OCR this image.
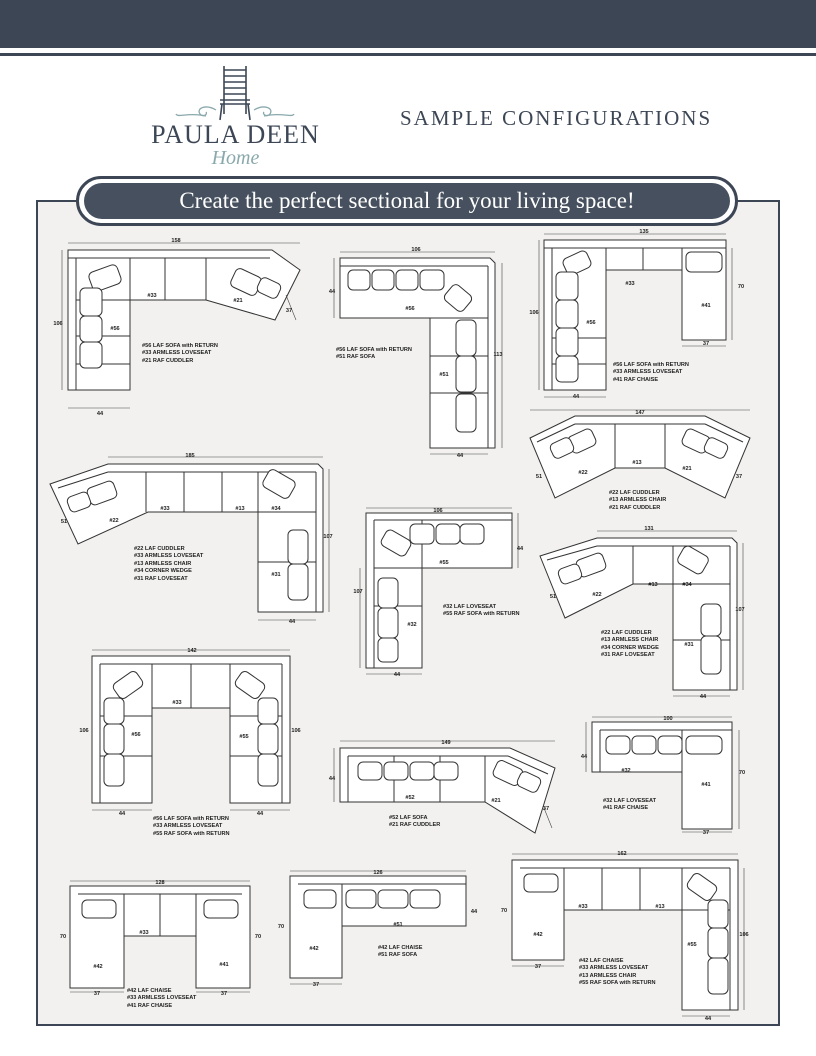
PAULA DEEN
Home
SAMPLE CONFIGURATIONS
Create the perfect sectional for your living space!
158
106
37
44
#56
#33
#21
#56 LAF SOFA with RETURN
#33 ARMLESS LOVESEAT
#21 RAF CUDDLER
106
44
113
44
#56
#51
#56 LAF SOFA with RETURN
#51 RAF SOFA
135
106
70
37
44
#56
#33
#41
#56 LAF SOFA with RETURN
#33 ARMLESS LOVESEAT
#41 RAF CHAISE
147
51	37
#22
#13
#21
#22 LAF CUDDLER
#13 ARMLESS CHAIR
#21 RAF CUDDLER
185
51
107
44
#22
#33	#13	#34
#31
#22 LAF CUDDLER
#33 ARMLESS LOVESEAT
#13 ARMLESS CHAIR
#34 CORNER WEDGE
#31 RAF LOVESEAT
106
44
107
44
#55
#32
#32 LAF LOVESEAT
#55 RAF SOFA with RETURN
131
51
107
44
#22
#13	#34
#31
#22 LAF CUDDLER
#13 ARMLESS CHAIR
#34 CORNER WEDGE
#31 RAF LOVESEAT
142
106	106
44	44
#56
#33
#55
#56 LAF SOFA with RETURN
#33 ARMLESS LOVESEAT
#55 RAF SOFA with RETURN
149
44
37
#52	#21
#52 LAF SOFA
#21 RAF CUDDLER
100
44
70
37
#32
#41
#32 LAF LOVESEAT
#41 RAF CHAISE
128
70	70
37	37
#42
#33
#41
#42 LAF CHAISE
#33 ARMLESS LOVESEAT
#41 RAF CHAISE
126
70
44
37
#42
#51
#42 LAF CHAISE
#51 RAF SOFA
162
70
106
37
44
#42
#33	#13
#55
#42 LAF CHAISE
#33 ARMLESS LOVESEAT
#13 ARMLESS CHAIR
#55 RAF SOFA with RETURN
